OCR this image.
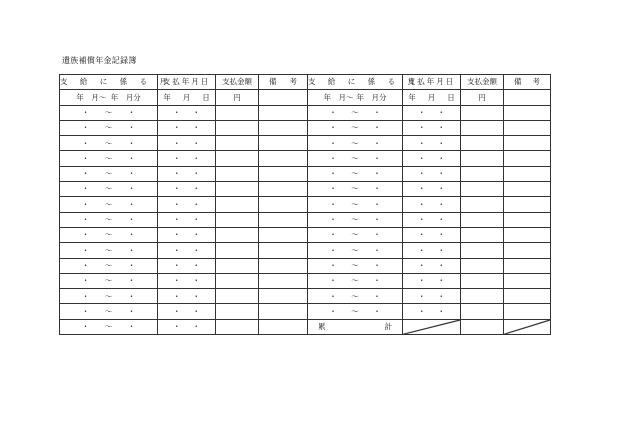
遺族補償年金記録簿
支 給 に 係 る 月	支払年月日	支払金額	備 考	支 給 に 係 る 月	支払年月日	支払金額	備 考

年　月〜 年　月分	年 月 日	円		年　月〜 年　月分	年 月 日	円	

・ 〜 ・	・ ・			・ 〜 ・	・ ・		

・ 〜 ・	・ ・			・ 〜 ・	・ ・		

・ 〜 ・	・ ・			・ 〜 ・	・ ・		

・ 〜 ・	・ ・			・ 〜 ・	・ ・		

・ 〜 ・	・ ・			・ 〜 ・	・ ・		

・ 〜 ・	・ ・			・ 〜 ・	・ ・		

・ 〜 ・	・ ・			・ 〜 ・	・ ・		

・ 〜 ・	・ ・			・ 〜 ・	・ ・		

・ 〜 ・	・ ・			・ 〜 ・	・ ・		

・ 〜 ・	・ ・			・ 〜 ・	・ ・		

・ 〜 ・	・ ・			・ 〜 ・	・ ・		

・ 〜 ・	・ ・			・ 〜 ・	・ ・		

・ 〜 ・	・ ・			・ 〜 ・	・ ・		

・ 〜 ・	・ ・			・ 〜 ・	・ ・		

・ 〜 ・	・ ・			累 計
